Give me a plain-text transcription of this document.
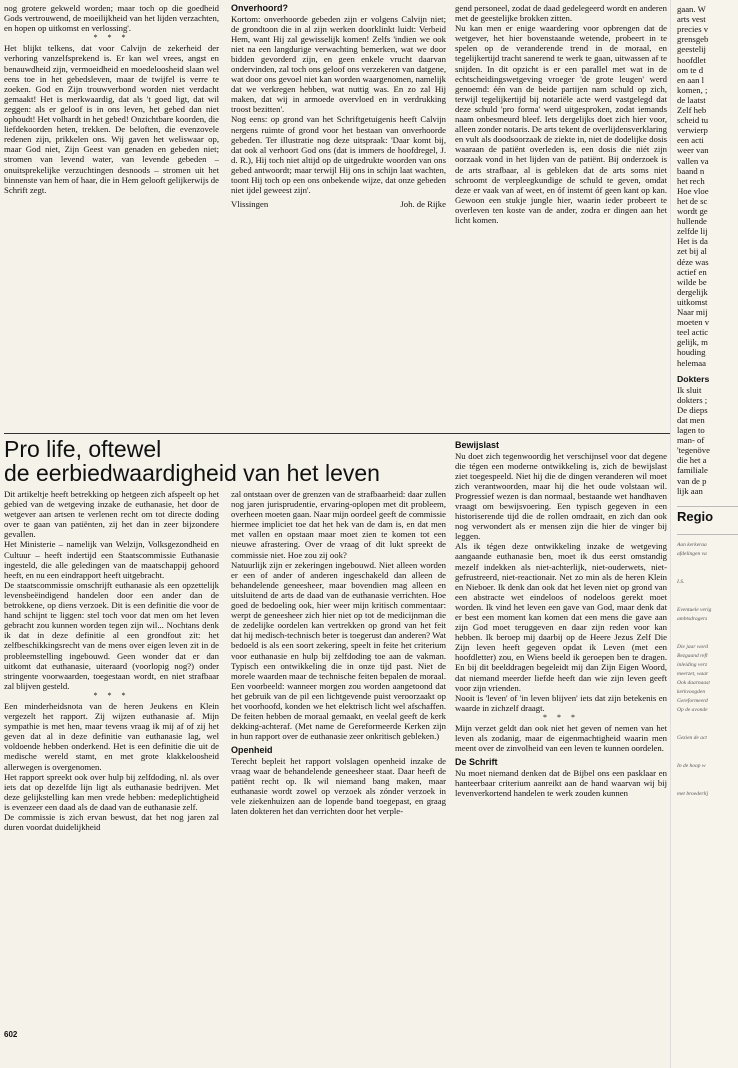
nog grotere gekweld worden; maar toch op die goedheid Gods vertrouwend, de moeilijkheid van het lijden verzachten, en hopen op uitkomst en verlossing'.

* * *

Het blijkt telkens, dat voor Calvijn de zekerheid der verhoring vanzelfsprekend is. Er kan wel vrees, angst en benauwdheid zijn, vermoeidheid en moedeloosheid slaan wel eens toe in het gebedsleven, maar de twijfel is verre te zoeken. God en Zijn trouwverbond worden niet verdacht gemaakt! Het is merkwaardig, dat als 't goed ligt, dat wil zeggen: als er geloof is in ons leven, het gebed dan niet ophoudt! Het volhardt in het gebed! Onzichtbare koorden, die liefdekoorden heten, trekken. De beloften, die evenzovele redenen zijn, prikkelen ons. Wij gaven het weliswaar op, maar God niet, Zijn Geest van genaden en gebeden niet; stromen van levend water, van levende gebeden – onuitsprekelijke verzuchtingen desnoods – stromen uit het binnenste van hem of haar, die in Hem gelooft gelijkerwijs de Schrift zegt.

Onverhoord?

Kortom: onverhoorde gebeden zijn er volgens Calvijn niet; de grondtoon die in al zijn werken doorklinkt luidt: Verbeid Hem, want Hij zal gewisselijk komen! Zelfs 'indien we ook niet na een langdurige verwachting bemerken, wat we door bidden gevorderd zijn, en geen enkele vrucht daarvan ondervinden, zal toch ons geloof ons verzekeren van datgene, wat door ons gevoel niet kan worden waargenomen, namelijk dat we verkregen hebben, wat nuttig was. En zo zal Hij maken, dat wij in armoede overvloed en in verdrukking troost bezitten'.

Nog eens: op grond van het Schriftgetuigenis heeft Calvijn nergens ruimte of grond voor het bestaan van onverhoorde gebeden. Ter illustratie nog deze uitspraak: 'Daar komt bij, dat ook al verhoort God ons (dat is immers de hoofdregel, J. d. R.), Hij toch niet altijd op de uitgedrukte woorden van ons gebed antwoordt; maar terwijl Hij ons in schijn laat wachten, toont Hij toch op een ons onbekende wijze, dat onze gebeden niet ijdel geweest zijn'.

Vlissingen	Joh. de Rijke

gend personeel, zodat de daad gedelegeerd wordt en anderen met de geestelijke brokken zitten.

Nu kan men er enige waardering voor opbrengen dat de wetgever, het hier bovenstaande wetende, probeert in te spelen op de veranderende trend in de moraal, en tegelijkertijd tracht sanerend te werk te gaan, uitwassen af te snijden. In dit opzicht is er een parallel met wat in de echtscheidingswetgeving vroeger 'de grote leugen' werd genoemd: één van de beide partijen nam schuld op zich, terwijl tegelijkertijd bij notariële acte werd vastgelegd dat deze schuld 'pro forma' werd uitgesproken, zodat iemands naam onbesmeurd bleef. Iets dergelijks doet zich hier voor, alleen zonder notaris. De arts tekent de overlijdensverklaring en vult als doodsoorzaak de ziekte in, niet de dodelijke dosis waaraan de patiënt overleden is, een dosis die niét zijn oorzaak vond in het lijden van de patiënt. Bij onderzoek is de arts strafbaar, al is gebleken dat de arts soms niet schroomt de verpleegkundige de schuld te geven, omdat deze er vaak van af weet, en óf instemt óf geen kant op kan. Gewoon een stukje jungle hier, waarin ieder probeert te overleven ten koste van de ander, zodra er dingen aan het licht komen.

Pro life, oftewel
de eerbiedwaardigheid van het leven

Dit artikeltje heeft betrekking op hetgeen zich afspeelt op het gebied van de wetgeving inzake de euthanasie, het door de wetgever aan artsen te verlenen recht om tot directe doding over te gaan van patiënten, zij het dan in zeer bijzondere gevallen.

Het Ministerie – namelijk van Welzijn, Volksgezondheid en Cultuur – heeft indertijd een Staatscommissie Euthanasie ingesteld, die alle geledingen van de maatschappij gehoord heeft, en nu een eindrapport heeft uitgebracht.

De staatscommissie omschrijft euthanasie als een opzettelijk levensbeëindigend handelen door een ander dan de betrokkene, op diens verzoek. Dit is een definitie die voor de hand schijnt te liggen: stel toch voor dat men om het leven gebracht zou kunnen worden tegen zijn wil... Nochtans denk ik dat in deze definitie al een grondfout zit: het zelfbeschikkingsrecht van de mens over eigen leven zit in de probleemstelling ingebouwd. Geen wonder dat er dan uitkomt dat euthanasie, uiteraard (voorlopig nog?) onder stringente voorwaarden, toegestaan wordt, en niet strafbaar zal blijven gesteld.

* * *

Een minderheidsnota van de heren Jeukens en Klein vergezelt het rapport. Zij wijzen euthanasie af. Mijn sympathie is met hen, maar tevens vraag ik mij af of zij het geven dat al in deze definitie van euthanasie lag, wel voldoende hebben onderkend. Het is een definitie die uit de medische wereld stamt, en met grote klakkeloosheid allerwegen is overgenomen.

Het rapport spreekt ook over hulp bij zelfdoding, nl. als over iets dat op dezelfde lijn ligt als euthanasie bedrijven. Met deze gelijkstelling kan men vrede hebben: medeplichtigheid is evenzeer een daad als de daad van de euthanasie zelf.

De commissie is zich ervan bewust, dat het nog jaren zal duren voordat duidelijkheid

zal ontstaan over de grenzen van de strafbaarheid: daar zullen nog jaren jurisprudentie, ervaring-oplopen met dit probleem, overheen moeten gaan. Naar mijn oordeel geeft de commissie hiermee impliciet toe dat het hek van de dam is, en dat men met vallen en opstaan maar moet zien te komen tot een nieuwe afrastering. Over de vraag of dit lukt spreekt de commissie niet. Hoe zou zij ook?

Natuurlijk zijn er zekeringen ingebouwd. Niet alleen worden er een of ander of anderen ingeschakeld dan alleen de behandelende geneesheer, maar bovendien mag alleen en uitsluitend de arts de daad van de euthanasie verrichten. Hoe goed de bedoeling ook, hier weer mijn kritisch commentaar: werpt de geneesheer zich hier niet op tot de medicijnman die de zedelijke oordelen kan vertrekken op grond van het feit dat hij medisch-technisch beter is toegerust dan anderen? Wat bedoeld is als een soort zekering, speelt in feite het criterium voor euthanasie en hulp bij zelfdoding toe aan de vakman. Typisch een ontwikkeling die in onze tijd past. Niet de morele waarden maar de technische feiten bepalen de moraal. Een voorbeeld: wanneer morgen zou worden aangetoond dat het gebruik van de pil een lichtgevende puist veroorzaakt op het voorhoofd, konden we het elektrisch licht wel afschaffen. De feiten hebben de moraal gemaakt, en veelal geeft de kerk dekking-achteraf. (Met name de Gereformeerde Kerken zijn in hun rapport over de euthanasie zeer onkritisch gebleken.)

Openheid

Terecht bepleit het rapport volslagen openheid inzake de vraag waar de behandelende geneesheer staat. Daar heeft de patiënt recht op. Ik wil niemand bang maken, maar euthanasie wordt zowel op verzoek als zónder verzoek in vele ziekenhuizen aan de lopende band toegepast, en graag laten dokteren het dan verrichten door het verple-

Bewijslast

Nu doet zich tegenwoordig het verschijnsel voor dat degene die tégen een moderne ontwikkeling is, zich de bewijslast ziet toegespeeld. Niet hij die de dingen veranderen wil moet zich verantwoorden, maar hij die het oude volstaan wil. Progressief wezen is dan normaal, bestaande wet handhaven vraagt om bewijsvoering. Een typisch gegeven in een historiserende tijd die de rollen omdraait, en zich dan ook nog verwondert als er mensen zijn die hier de vinger bij leggen.

Als ik tégen deze ontwikkeling inzake de wetgeving aangaande euthanasie ben, moet ik dus eerst omstandig mezelf indekken als niet-achterlijk, niet-ouderwets, niet-gefrustreerd, niet-reactionair. Net zo min als de heren Klein en Nieboer. Ik denk dan ook dat het leven niet op grond van een abstracte wet eindeloos of nodeloos gerekt moet worden. Ik vind het leven een gave van God, maar denk dat er best een moment kan komen dat een mens die gave aan zijn God moet teruggeven en daar zijn reden voor kan hebben. Ik beroep mij daarbij op de Heere Jezus Zelf Die Zijn leven heeft gegeven opdat ik Leven (met een hoofdletter) zou, en Wiens beeld ik geroepen ben te dragen. En bij dit beelddragen begeleidt mij dan Zijn Eigen Woord, dat niemand meerder liefde heeft dan wie zijn leven geeft voor zijn vrienden.

Nooit is 'leven' of 'in leven blijven' iets dat zijn betekenis en waarde in zichzelf draagt.

* * *

Mijn verzet geldt dan ook niet het geven of nemen van het leven als zodanig, maar de eigenmachtigheid waarin men meent over de zinvolheid van een leven te kunnen oordelen.

De Schrift

Nu moet niemand denken dat de Bijbel ons een pasklaar en hanteerbaar criterium aanreikt aan de hand waarvan wij bij levenverkortend handelen te werk zouden kunnen

602
gaan. W
arts vest
precies v
grensgeb
geestelij
hoofdlet
om te d
en aan l
komen, ;
de laatst
Zelf heb
scheid tu
verwierp
een acti
weer van
vallen va
baand n
het rech
Hoe vloe
het de sc
wordt ge
hullende
zelfde lij
Het is da
zet bij al
déze was
actief en
wilde be
dergelijk
uitkomst
Naar mij
moeten v
teel actic
gelijk, m
houding
helemaa
Dokters
Ik sluit
dokters ;
De dieps
dat men
lagen to
man- of
'tegenöve
die het a
familiale
van de p
lijk aan
Regio
Aan kerkeraa
afdelingen va
I.S.
Eventuele verig
ambtsdragers
Die jaar word
Bezgaand refl
inleiding verz
meerzet, waar
Ook daarnaast
kerkvoogden
Gereformeerd
Op de avonde
Gezien de act
In de hoop w
met broederlij
